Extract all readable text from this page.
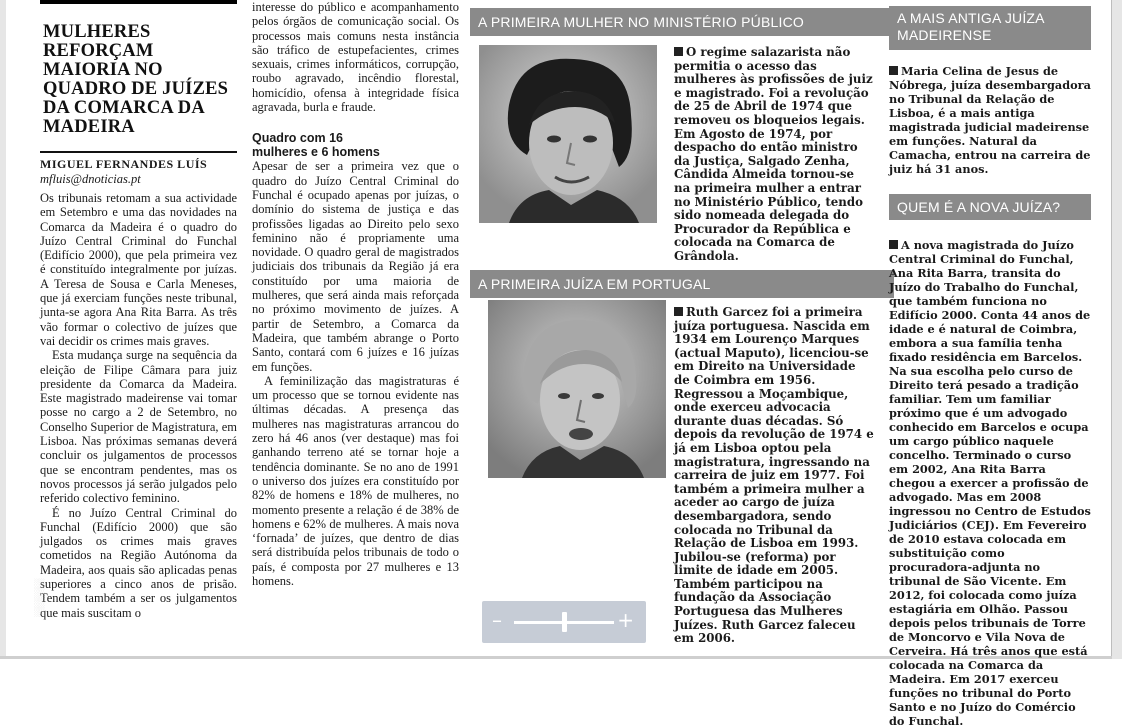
MULHERES REFORÇAM MAIORIA NO QUADRO DE JUÍZES DA COMARCA DA MADEIRA

MIGUEL FERNANDES LUÍS

mfluis@dnoticias.pt

Os tribunais retomam a sua actividade em Setembro e uma das novidades na Comarca da Madeira é o quadro do Juízo Central Criminal do Funchal (Edifício 2000), que pela primeira vez é constituído integralmente por juízas. A Teresa de Sousa e Carla Meneses, que já exerciam funções neste tribunal, junta-se agora Ana Rita Barra. As três vão formar o colectivo de juízes que vai decidir os crimes mais graves.

Esta mudança surge na sequência da eleição de Filipe Câmara para juiz presidente da Comarca da Madeira. Este magistrado madeirense vai tomar posse no cargo a 2 de Setembro, no Conselho Superior de Magistratura, em Lisboa. Nas próximas semanas deverá concluir os julgamentos de processos que se encontram pendentes, mas os novos processos já serão julgados pelo referido colectivo feminino.

É no Juízo Central Criminal do Funchal (Edifício 2000) que são julgados os crimes mais graves cometidos na Região Autónoma da Madeira, aos quais são aplicadas penas superiores a cinco anos de prisão. Tendem também a ser os julgamentos que mais suscitam o

░░░░░░

interesse do público e acompanhamento pelos órgãos de comunicação social. Os processos mais comuns nesta instância são tráfico de estupefacientes, crimes sexuais, crimes informáticos, corrupção, roubo agravado, incêndio florestal, homicídio, ofensa à integridade física agravada, burla e fraude.

Quadro com 16 mulheres e 6 homens

Apesar de ser a primeira vez que o quadro do Juízo Central Criminal do Funchal é ocupado apenas por juízas, o domínio do sistema de justiça e das profissões ligadas ao Direito pelo sexo feminino não é propriamente uma novidade. O quadro geral de magistrados judiciais dos tribunais da Região já era constituído por uma maioria de mulheres, que será ainda mais reforçada no próximo movimento de juízes. A partir de Setembro, a Comarca da Madeira, que também abrange o Porto Santo, contará com 6 juízes e 16 juízas em funções.

A feminilização das magistraturas é um processo que se tornou evidente nas últimas décadas. A presença das mulheres nas magistraturas arrancou do zero há 46 anos (ver destaque) mas foi ganhando terreno até se tornar hoje a tendência dominante. Se no ano de 1991 o universo dos juízes era constituído por 82% de homens e 18% de mulheres, no momento presente a relação é de 38% de homens e 62% de mulheres. A mais nova ‘fornada’ de juízes, que dentro de dias será distribuída pelos tribunais de todo o país, é composta por 27 mulheres e 13 homens.

A PRIMEIRA MULHER NO MINISTÉRIO PÚBLICO
O regime salazarista não permitia o acesso das mulheres às profissões de juiz e magistrado. Foi a revolução de 25 de Abril de 1974 que removeu os bloqueios legais. Em Agosto de 1974, por despacho do então ministro da Justiça, Salgado Zenha, Cândida Almeida tornou-se na primeira mulher a entrar no Ministério Público, tendo sido nomeada delegada do Procurador da República e colocada na Comarca de Grândola.
A PRIMEIRA JUÍZA EM PORTUGAL
Ruth Garcez foi a primeira juíza portuguesa. Nascida em 1934 em Lourenço Marques (actual Maputo), licenciou-se em Direito na Universidade de Coimbra em 1956. Regressou a Moçambique, onde exerceu advocacia durante duas décadas. Só depois da revolução de 1974 e já em Lisboa optou pela magistratura, ingressando na carreira de juiz em 1977. Foi também a primeira mulher a aceder ao cargo de juíza desembargadora, sendo colocada no Tribunal da Relação de Lisboa em 1993. Jubilou-se (reforma) por limite de idade em 2005. Também participou na fundação da Associação Portuguesa das Mulheres Juízes. Ruth Garcez faleceu em 2006.
–	+
A MAIS ANTIGA JUÍZA MADEIRENSE

Maria Celina de Jesus de Nóbrega, juíza desembargadora no Tribunal da Relação de Lisboa, é a mais antiga magistrada judicial madeirense em funções. Natural da Camacha, entrou na carreira de juiz há 31 anos.

QUEM É A NOVA JUÍZA?

A nova magistrada do Juízo Central Criminal do Funchal, Ana Rita Barra, transita do Juízo do Trabalho do Funchal, que também funciona no Edifício 2000. Conta 44 anos de idade e é natural de Coimbra, embora a sua família tenha fixado residência em Barcelos. Na sua escolha pelo curso de Direito terá pesado a tradição familiar. Tem um familiar próximo que é um advogado conhecido em Barcelos e ocupa um cargo público naquele concelho. Terminado o curso em 2002, Ana Rita Barra chegou a exercer a profissão de advogado. Mas em 2008 ingressou no Centro de Estudos Judiciários (CEJ). Em Fevereiro de 2010 estava colocada em substituição como procuradora-adjunta no tribunal de São Vicente. Em 2012, foi colocada como juíza estagiária em Olhão. Passou depois pelos tribunais de Torre de Moncorvo e Vila Nova de Cerveira. Há três anos que está colocada na Comarca da Madeira. Em 2017 exerceu funções no tribunal do Porto Santo e no Juízo do Comércio do Funchal.
